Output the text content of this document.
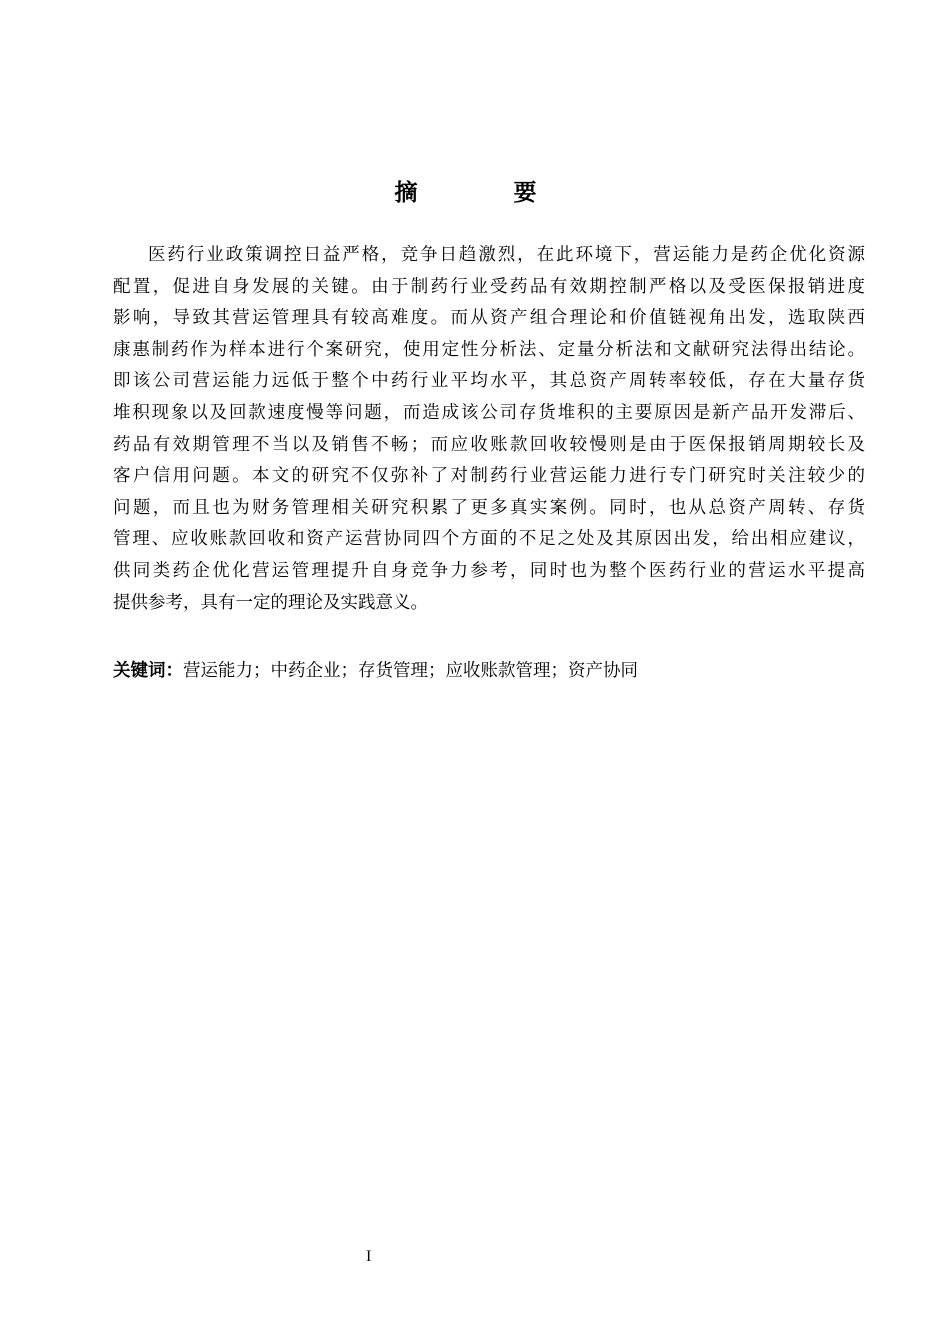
摘 要
医药行业政策调控日益严格，竞争日趋激烈，在此环境下，营运能力是药企优化资源
配置，促进自身发展的关键。由于制药行业受药品有效期控制严格以及受医保报销进度
影响，导致其营运管理具有较高难度。而从资产组合理论和价值链视角出发，选取陕西
康惠制药作为样本进行个案研究，使用定性分析法、定量分析法和文献研究法得出结论。
即该公司营运能力远低于整个中药行业平均水平，其总资产周转率较低，存在大量存货
堆积现象以及回款速度慢等问题，而造成该公司存货堆积的主要原因是新产品开发滞后、
药品有效期管理不当以及销售不畅；而应收账款回收较慢则是由于医保报销周期较长及
客户信用问题。本文的研究不仅弥补了对制药行业营运能力进行专门研究时关注较少的
问题，而且也为财务管理相关研究积累了更多真实案例。同时，也从总资产周转、存货
管理、应收账款回收和资产运营协同四个方面的不足之处及其原因出发，给出相应建议，
供同类药企优化营运管理提升自身竞争力参考，同时也为整个医药行业的营运水平提高
提供参考，具有一定的理论及实践意义。

关键词：营运能力；中药企业；存货管理；应收账款管理；资产协同

I
